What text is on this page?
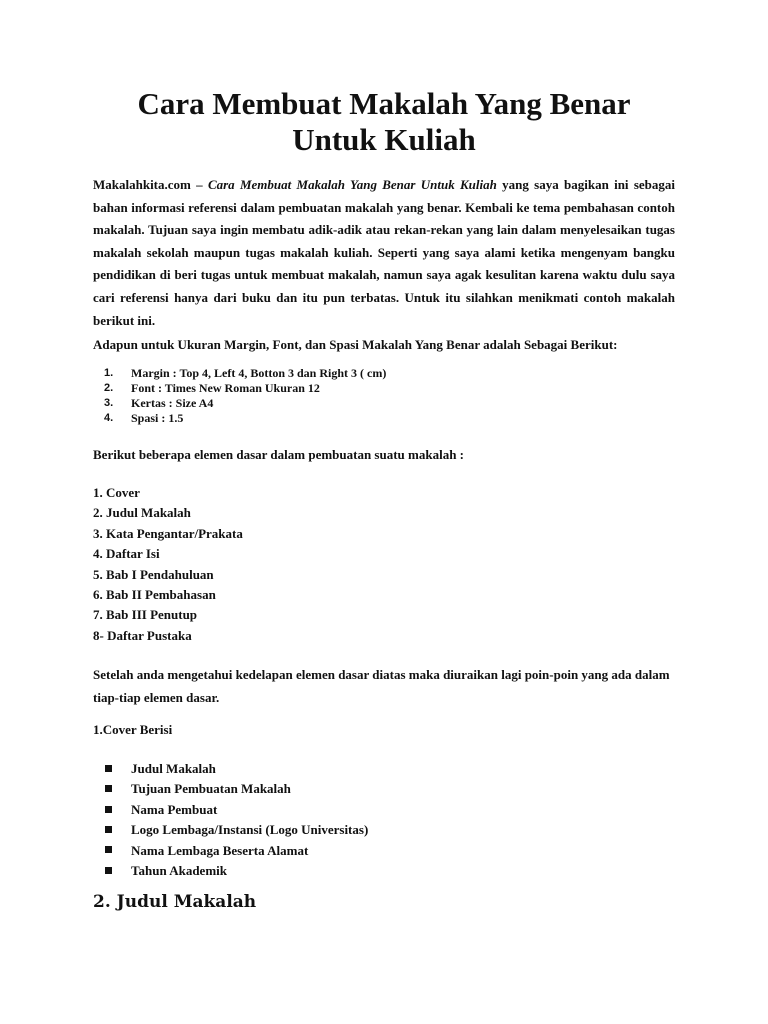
Cara Membuat Makalah Yang Benar
Untuk Kuliah

Makalahkita.com – Cara Membuat Makalah Yang Benar Untuk Kuliah yang saya bagikan ini sebagai bahan informasi referensi dalam pembuatan makalah yang benar. Kembali ke tema pembahasan contoh makalah. Tujuan saya ingin membatu adik-adik atau rekan-rekan yang lain dalam menyelesaikan tugas makalah sekolah maupun tugas makalah kuliah. Seperti yang saya alami ketika mengenyam bangku pendidikan di beri tugas untuk membuat makalah, namun saya agak kesulitan karena waktu dulu saya cari referensi hanya dari buku dan itu pun terbatas. Untuk itu silahkan menikmati contoh makalah berikut ini.

Adapun untuk Ukuran Margin, Font, dan Spasi Makalah Yang Benar adalah Sebagai Berikut:

1.	Margin : Top 4, Left 4, Botton 3 dan Right 3 ( cm)
2.	Font : Times New Roman Ukuran 12
3.	Kertas : Size A4
4.	Spasi : 1.5

Berikut beberapa elemen dasar dalam pembuatan suatu makalah :

1. Cover
2. Judul Makalah
3. Kata Pengantar/Prakata
4. Daftar Isi
5. Bab I Pendahuluan
6. Bab II Pembahasan
7. Bab III Penutup
8- Daftar Pustaka

Setelah anda mengetahui kedelapan elemen dasar diatas maka diuraikan lagi poin-poin yang ada dalam tiap-tiap elemen dasar.

1.Cover Berisi

Judul Makalah
Tujuan Pembuatan Makalah
Nama Pembuat
Logo Lembaga/Instansi (Logo Universitas)
Nama Lembaga Beserta Alamat
Tahun Akademik
2. Judul Makalah
